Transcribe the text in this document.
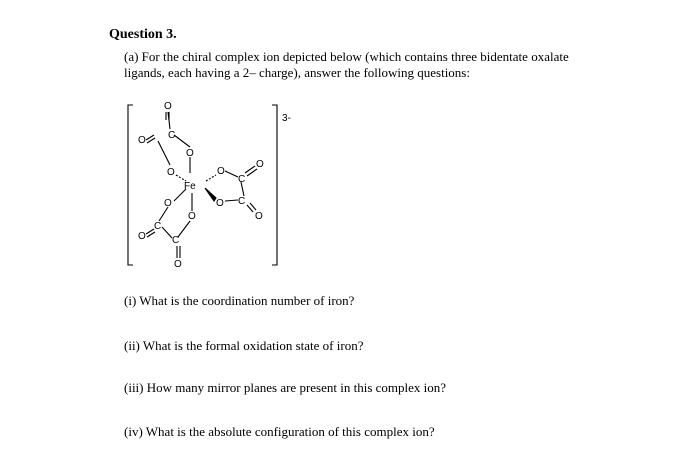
Question 3.
(a) For the chiral complex ion depicted below (which contains three bidentate oxalate
ligands, each having a 2– charge), answer the following questions:
Fe
3-
O
C
O
O
O	O
C
O
O C
O
O
O
C
O	C
O
(i) What is the coordination number of iron?
(ii) What is the formal oxidation state of iron?
(iii) How many mirror planes are present in this complex ion?
(iv) What is the absolute configuration of this complex ion?
